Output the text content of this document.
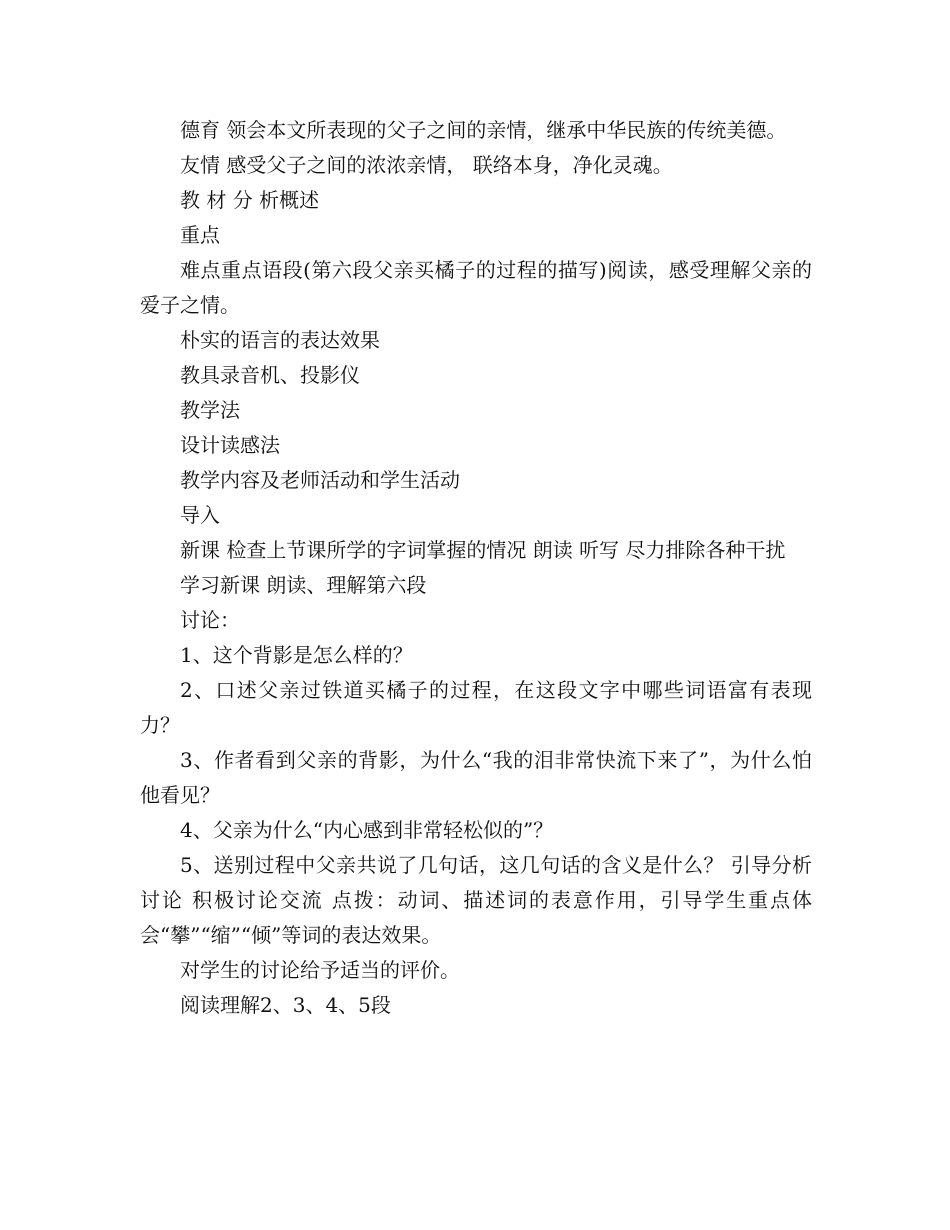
德育 领会本文所表现的父子之间的亲情，继承中华民族的传统美德。

友情 感受父子之间的浓浓亲情， 联络本身，净化灵魂。

教 材 分 析概述

重点

难点重点语段(第六段父亲买橘子的过程的描写)阅读，感受理解父亲的爱子之情。

朴实的语言的表达效果

教具录音机、投影仪

教学法

设计读感法

教学内容及老师活动和学生活动

导入

新课 检查上节课所学的字词掌握的情况 朗读 听写 尽力排除各种干扰

学习新课 朗读、理解第六段

讨论：

1、这个背影是怎么样的？

2、口述父亲过铁道买橘子的过程，在这段文字中哪些词语富有表现力？

3、作者看到父亲的背影，为什么“我的泪非常快流下来了”，为什么怕他看见？

4、父亲为什么“内心感到非常轻松似的”？

5、送别过程中父亲共说了几句话，这几句话的含义是什么？ 引导分析讨论 积极讨论交流 点拨：动词、描述词的表意作用，引导学生重点体会“攀”“缩”“倾”等词的表达效果。

对学生的讨论给予适当的评价。

阅读理解2、3、4、5段
